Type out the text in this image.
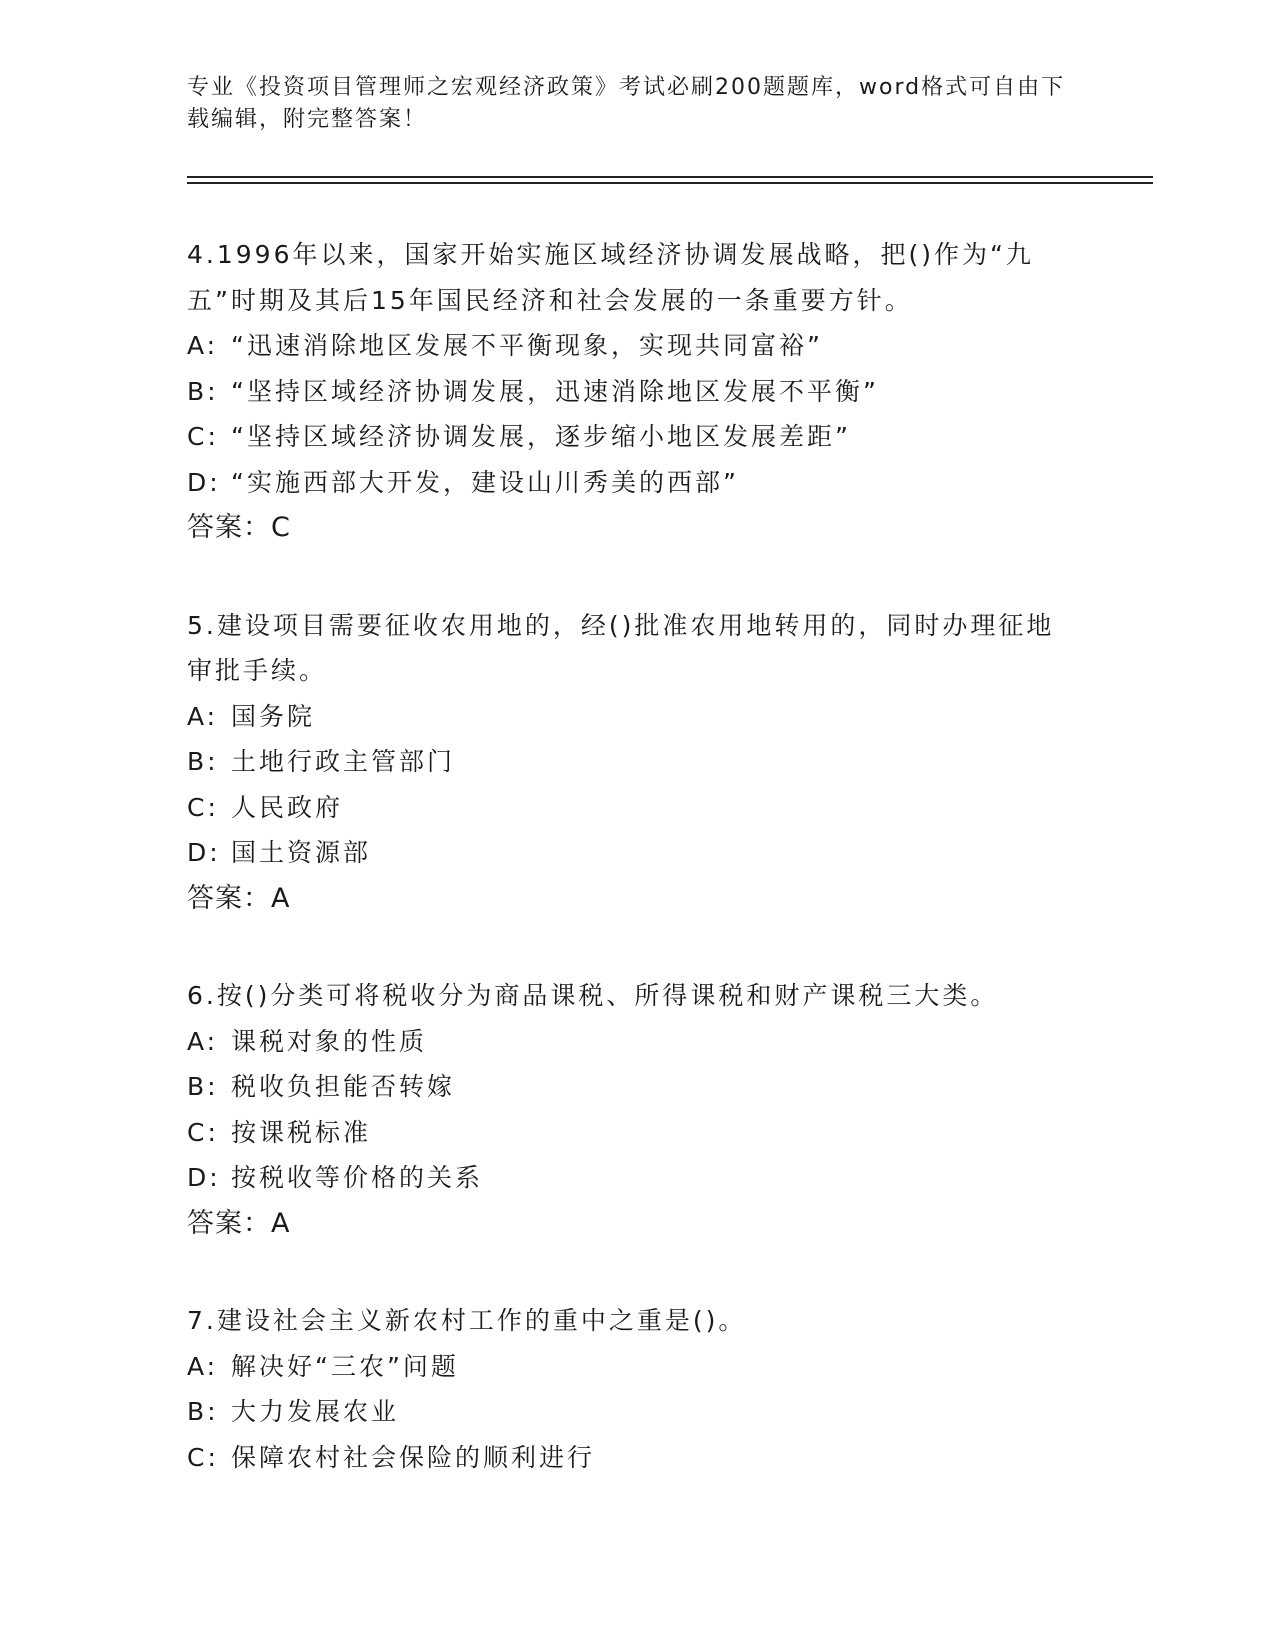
专业《投资项目管理师之宏观经济政策》考试必刷200题题库，word格式可自由下载编辑，附完整答案！

4.1996年以来，国家开始实施区域经济协调发展战略，把()作为“九五”时期及其后15年国民经济和社会发展的一条重要方针。

A: “迅速消除地区发展不平衡现象，实现共同富裕”
B: “坚持区域经济协调发展，迅速消除地区发展不平衡”
C: “坚持区域经济协调发展，逐步缩小地区发展差距”
D: “实施西部大开发，建设山川秀美的西部”
答案：C

5.建设项目需要征收农用地的，经()批准农用地转用的，同时办理征地审批手续。

A: 国务院
B: 土地行政主管部门
C: 人民政府
D: 国土资源部
答案：A

6.按()分类可将税收分为商品课税、所得课税和财产课税三大类。

A: 课税对象的性质
B: 税收负担能否转嫁
C: 按课税标准
D: 按税收等价格的关系
答案：A

7.建设社会主义新农村工作的重中之重是()。

A: 解决好“三农”问题
B: 大力发展农业
C: 保障农村社会保险的顺利进行
